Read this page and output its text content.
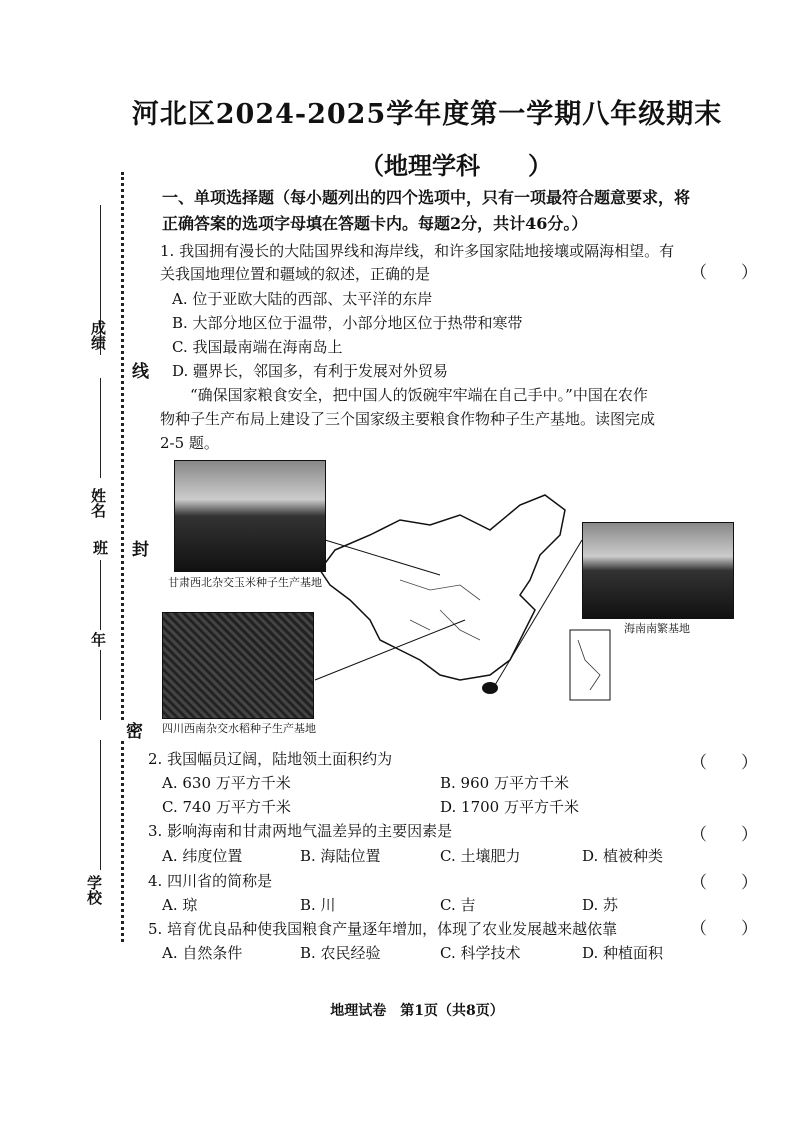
河北区2024-2025学年度第一学期八年级期末
（地理学科　　）
成绩
线
姓名
班 封
年
密
学校
一、单项选择题（每小题列出的四个选项中，只有一项最符合题意要求，将
正确答案的选项字母填在答题卡内。每题2分，共计46分。）
1. 我国拥有漫长的大陆国界线和海岸线，和许多国家陆地接壤或隔海相望。有
关我国地理位置和疆域的叙述，正确的是	（　　）
A. 位于亚欧大陆的西部、太平洋的东岸
B. 大部分地区位于温带，小部分地区位于热带和寒带
C. 我国最南端在海南岛上
D. 疆界长，邻国多，有利于发展对外贸易
“确保国家粮食安全，把中国人的饭碗牢牢端在自己手中。”中国在农作
物种子生产布局上建设了三个国家级主要粮食作物种子生产基地。读图完成
2-5 题。
甘肃西北杂交玉米种子生产基地
四川西南杂交水稻种子生产基地
海南南繁基地
2. 我国幅员辽阔，陆地领土面积约为	（　　）
A. 630 万平方千米	B. 960 万平方千米
C. 740 万平方千米	D. 1700 万平方千米
3. 影响海南和甘肃两地气温差异的主要因素是	（　　）
A. 纬度位置	B. 海陆位置	C. 土壤肥力	D. 植被种类
4. 四川省的简称是	（　　）
A. 琼	B. 川	C. 吉	D. 苏
5. 培育优良品种使我国粮食产量逐年增加，体现了农业发展越来越依靠	（　　）
A. 自然条件	B. 农民经验	C. 科学技术	D. 种植面积
地理试卷　第1页（共8页）
